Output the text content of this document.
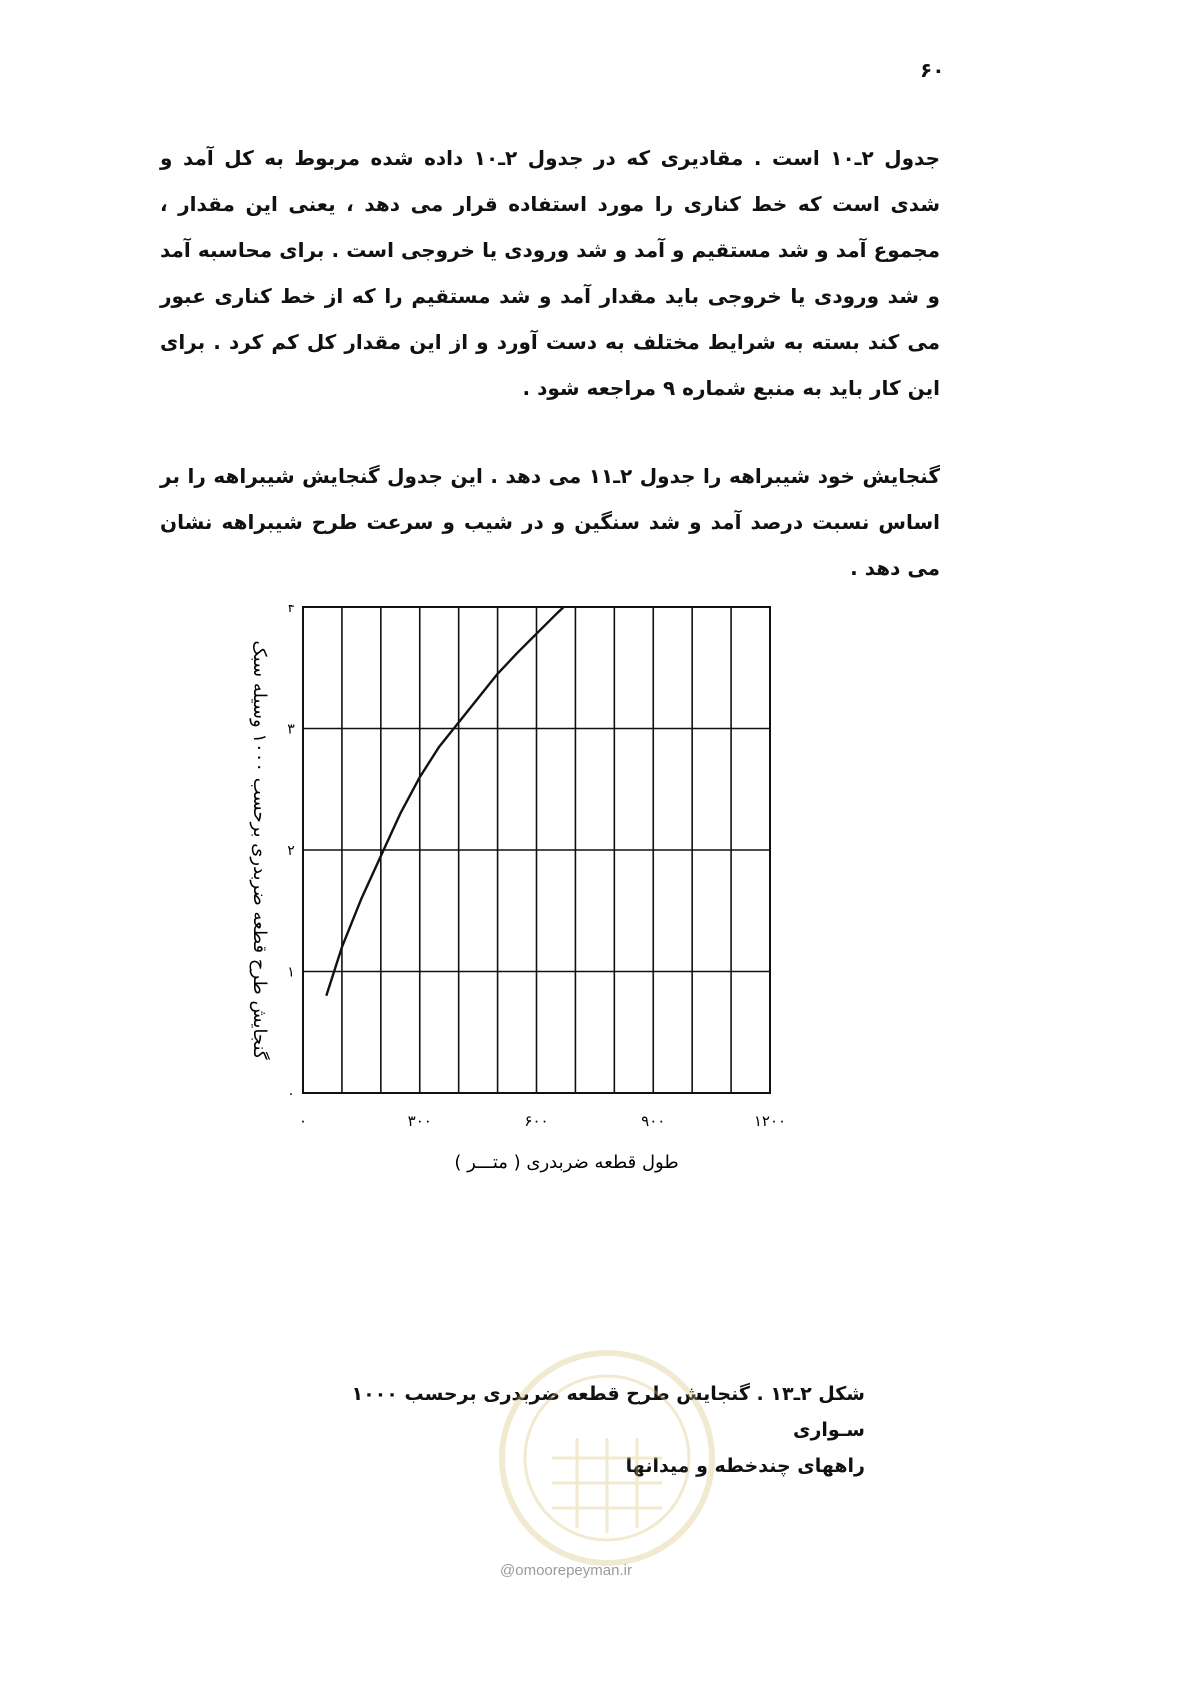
۶۰

جدول ۲ـ۱۰ است . مقادیری که در جدول ۲ـ۱۰ داده شده مربوط به کل آمد و شدی است که خط کناری را مورد استفاده قرار می دهد ، یعنی این مقدار ، مجموع آمد و شد مستقیم و آمد و شد ورودی یا خروجی است . برای محاسبه آمد و شد ورودی یا خروجی باید مقدار آمد و شد مستقیم را که از خط کناری عبور می کند بسته به شرایط مختلف به دست آورد و از این مقدار کل کم کرد . برای این کار باید به منبع شماره ۹ مراجعه شود .

گنجایش خود شیبراهه را جدول ۲ـ۱۱ می دهد . این جدول گنجایش شیبراهه را بر اساس نسبت درصد آمد و شد سنگین و در شیب و سرعت طرح شیبراهه نشان می دهد .

۰	۳۰۰	۶۰۰	۹۰۰	۱۲۰۰
۰
۱
۲
۳
۴
طول قطعه ضربدری ( متـــر )
گنجایش طرح قطعه ضربدری برحسب ۱۰۰۰ وسیله سبک
شکل ۲ـ۱۳ . گنجایش طرح قطعه ضربدری برحسب ۱۰۰۰ سـواری
راههای چندخطه و میدانها
@omoorepeyman.ir
